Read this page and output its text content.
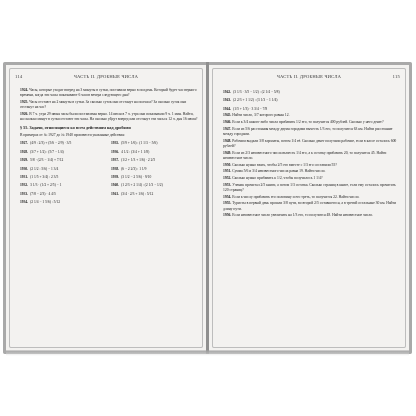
114	ЧАСТЬ II. ДРОБНЫЕ ЧИСЛА
1924. Часы, которые уходят вперед на 3 минуты в сутки, поставили верно в полдень. Который будет час верного времени, когда эти часы показывают 6 часов вечера следующего дня?
1925. Часы отстают на 2 минуты в сутки. За сколько суток они отстанут на полчаса? За сколько суток они отстанут на час?
1926. В 7 ч. утра 29 июня часы были поставлены верно. 14 июля в 7 ч. утра они показывали 9 ч. 1 мин. Найти, на сколько минут в сутки отстают эти часы. На сколько уйдут вперед или отстанут эти часы к 12 ч. дня 16 июля?
§ 55. Задачи, относящиеся ко всем действиям над дробями
В примерах от № 1927 до № 1940 произвести указанные действия:
1927. (4/9 : 2/3) + (5/6 − 2/9) · 3/5	1935. (5/9 + 1/6) : (1 1/3 − 5/6)
1928. (3/7 + 1/2) : (5/7 − 1/4)	1936. 4 1/2 : (3/4 + 1 1/8)
1929. 5/8 · (2/3 − 1/4) + 7/12	1937. (1/2 + 1/3 + 1/6) · 2 2/5
1930. (2 1/2 : 5/6) − 1 3/4	1938. (6 − 2 2/3) : 1 1/9
1931. (1 1/5 + 3/4) : 2 3/5	1939. (3 1/2 − 2 5/6) · 9/10
1932. 3 1/3 · (1/2 + 2/5) − 1	1940. (1 2/3 + 2 1/4) : (2 1/3 − 1/2)
1933. (7/8 − 2/3) · 4 4/5	1941. (3/4 · 2/3 + 1/6) : 5/12
1934. (2 1/4 − 1 5/6) : 5/12
ЧАСТЬ II. ДРОБНЫЕ ЧИСЛА	115
1942. (3 1/3 · 3/5 − 1/2) : (2 1/4 − 5/8)
1943. (2 2/3 + 1 1/2) : (3 1/3 − 1 1/4)
1944. (1/5 + 1/3) · 3 3/4 − 7/8
1945. Найти число, 3/7 которого равны 12.
1946. Если к 3/4 какого-либо числа прибавить 1/2 его, то получится 400 рублей. Сколько у него денег?
1947. Если из 5/6 расстояния между двумя городами вычесть 1/3 его, то получится 63 км. Найти расстояние между городами.
1948. Рабочим выдали 3/8 зарплаты, потом 1/4 её. Сколько денег получили рабочие, если в кассе осталось 600 рублей?
1949. Если из 2/3 неизвестного числа вычесть 1/4 его, а к остатку прибавить 20, то получится 45. Найти неизвестное число.
1950. Сколько нужно взять, чтобы 2/5 его вместе с 1/3 его составили 55?
1951. Сумма 5/6 и 3/4 неизвестного числа равна 19. Найти число.
1952. Сколько нужно прибавить к 1/2, чтобы получилось 1 1/4?
1953. Ученик прочитал 2/5 книги, а потом 1/3 остатка. Сколько страниц в книге, если ему осталось прочитать 120 страниц?
1954. Если к числу прибавить его половину и его треть, то получится 22. Найти число.
1955. Туристы в первый день прошли 3/8 пути, во второй 2/5 оставшегося, а в третий остальные 30 км. Найти длину пути.
1956. Если неизвестное число увеличить на 1/3 его, то получится 48. Найти неизвестное число.
